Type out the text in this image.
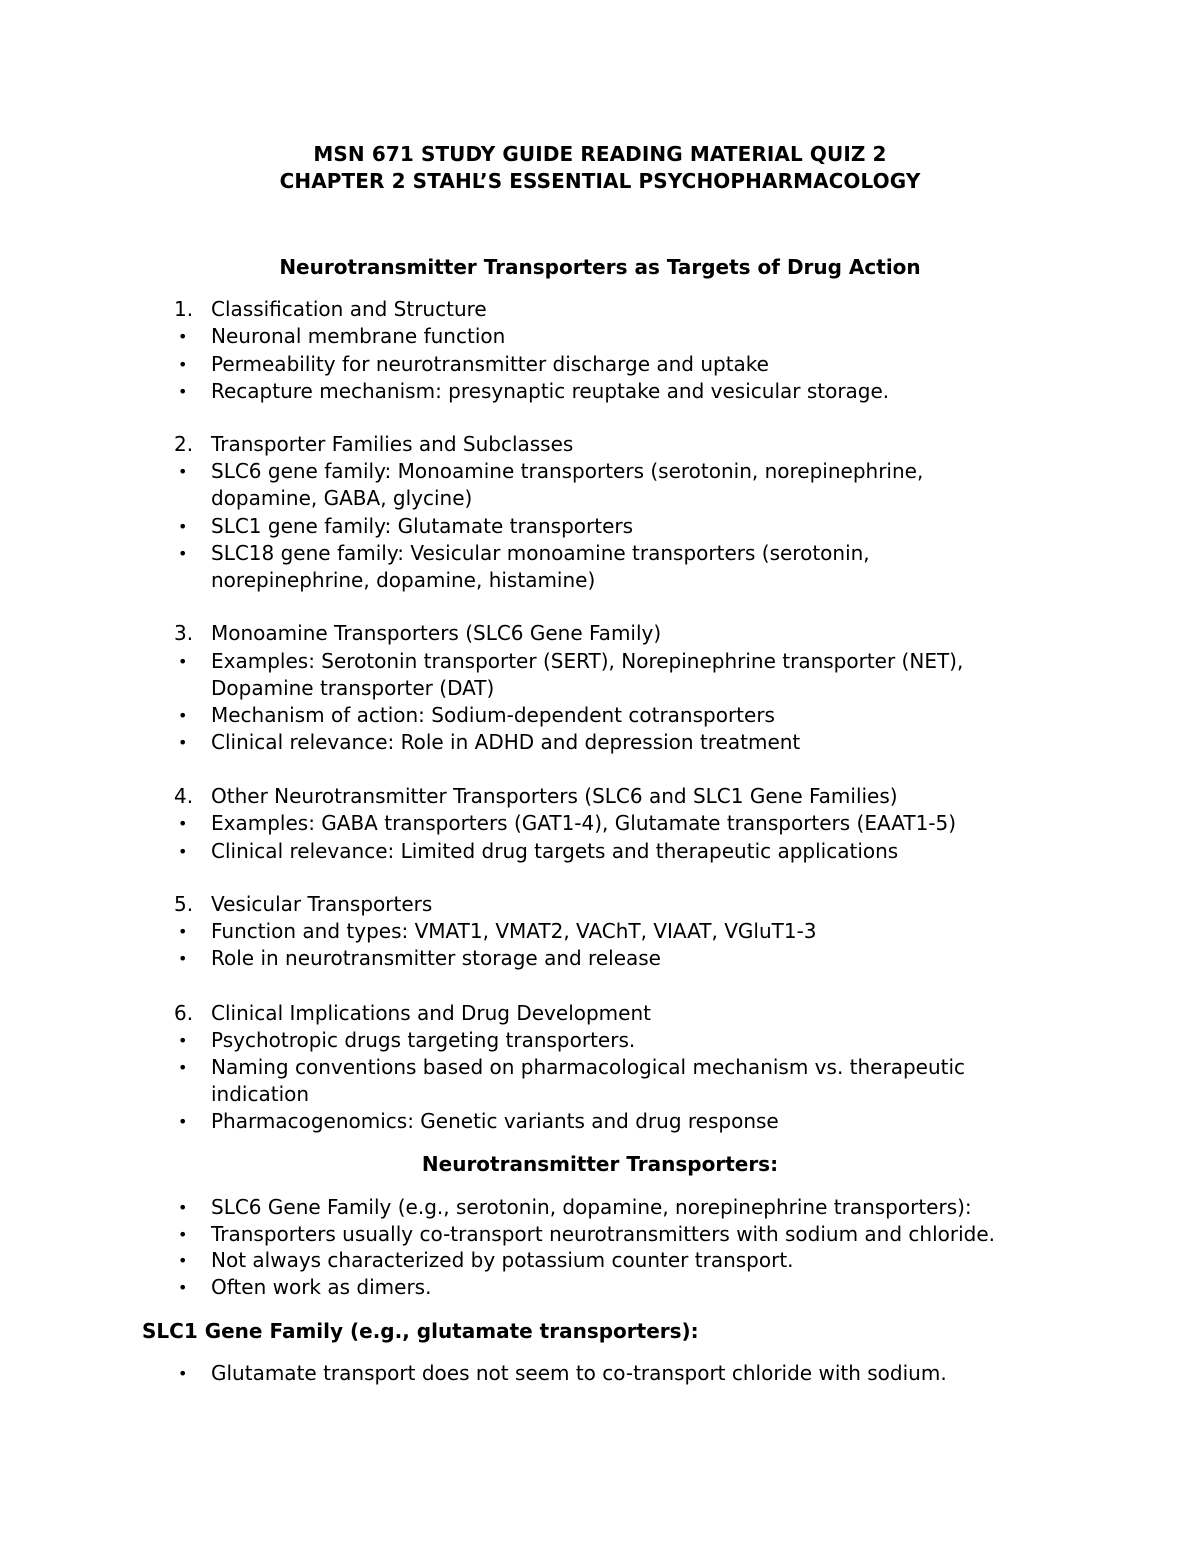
MSN 671 STUDY GUIDE READING MATERIAL QUIZ 2
CHAPTER 2 STAHL’S ESSENTIAL PSYCHOPHARMACOLOGY
Neurotransmitter Transporters as Targets of Drug Action
1. Classification and Structure
•	Neuronal membrane function
•	Permeability for neurotransmitter discharge and uptake
•	Recapture mechanism: presynaptic reuptake and vesicular storage.
2. Transporter Families and Subclasses
•	SLC6 gene family: Monoamine transporters (serotonin, norepinephrine,
dopamine, GABA, glycine)
•	SLC1 gene family: Glutamate transporters
•	SLC18 gene family: Vesicular monoamine transporters (serotonin,
norepinephrine, dopamine, histamine)
3. Monoamine Transporters (SLC6 Gene Family)
•	Examples: Serotonin transporter (SERT), Norepinephrine transporter (NET),
Dopamine transporter (DAT)
•	Mechanism of action: Sodium-dependent cotransporters
•	Clinical relevance: Role in ADHD and depression treatment
4. Other Neurotransmitter Transporters (SLC6 and SLC1 Gene Families)
•	Examples: GABA transporters (GAT1-4), Glutamate transporters (EAAT1-5)
•	Clinical relevance: Limited drug targets and therapeutic applications
5. Vesicular Transporters
•	Function and types: VMAT1, VMAT2, VAChT, VIAAT, VGluT1-3
•	Role in neurotransmitter storage and release
6. Clinical Implications and Drug Development
•	Psychotropic drugs targeting transporters.
•	Naming conventions based on pharmacological mechanism vs. therapeutic
indication
•	Pharmacogenomics: Genetic variants and drug response
Neurotransmitter Transporters:
•	SLC6 Gene Family (e.g., serotonin, dopamine, norepinephrine transporters):
•	Transporters usually co-transport neurotransmitters with sodium and chloride.
•	Not always characterized by potassium counter transport.
•	Often work as dimers.
SLC1 Gene Family (e.g., glutamate transporters):
•	Glutamate transport does not seem to co-transport chloride with sodium.
